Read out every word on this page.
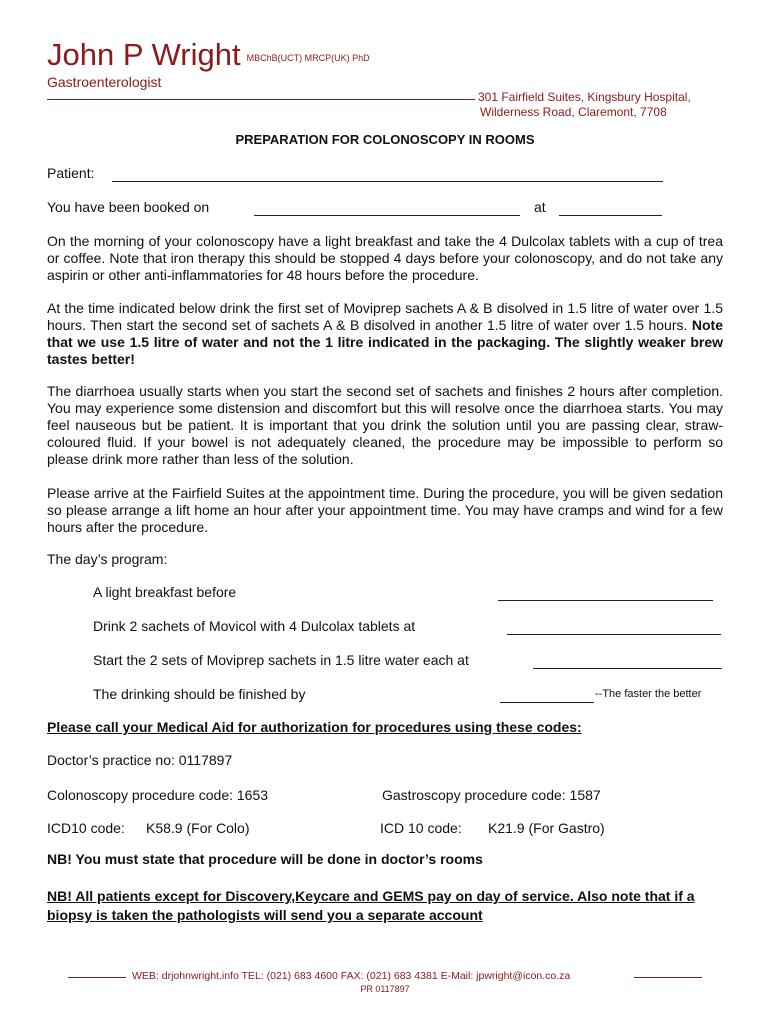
John P Wright MBChB(UCT) MRCP(UK) PhD
Gastroenterologist
301 Fairfield Suites, Kingsbury Hospital,
Wilderness Road, Claremont, 7708
PREPARATION FOR COLONOSCOPY IN ROOMS
Patient:
You have been booked on	at
On the morning of your colonoscopy have a light breakfast and take the 4 Dulcolax tablets with a cup of trea or coffee. Note that iron therapy this should be stopped 4 days before your colonoscopy, and do not take any aspirin or other anti-inflammatories for 48 hours before the procedure.
At the time indicated below drink the first set of Moviprep sachets A & B disolved in 1.5 litre of water over 1.5 hours. Then start the second set of sachets A & B disolved in another 1.5 litre of water over 1.5 hours. Note that we use 1.5 litre of water and not the 1 litre indicated in the packaging. The slightly weaker brew tastes better!
The diarrhoea usually starts when you start the second set of sachets and finishes 2 hours after completion. You may experience some distension and discomfort but this will resolve once the diarrhoea starts. You may feel nauseous but be patient. It is important that you drink the solution until you are passing clear, straw-coloured fluid. If your bowel is not adequately cleaned, the procedure may be impossible to perform so please drink more rather than less of the solution.
Please arrive at the Fairfield Suites at the appointment time. During the procedure, you will be given sedation so please arrange a lift home an hour after your appointment time. You may have cramps and wind for a few hours after the procedure.
The day’s program:
A light breakfast before
Drink 2 sachets of Movicol with 4 Dulcolax tablets at
Start the 2 sets of Moviprep sachets in 1.5 litre water each at
The drinking should be finished by	--The faster the better
Please call your Medical Aid for authorization for procedures using these codes:
Doctor’s practice no: 0117897
Colonoscopy procedure code: 1653	Gastroscopy procedure code: 1587
ICD10 code: K58.9 (For Colo)	ICD 10 code: K21.9 (For Gastro)
NB! You must state that procedure will be done in doctor’s rooms
NB! All patients except for Discovery,Keycare and GEMS pay on day of service. Also note that if a biopsy is taken the pathologists will send you a separate account
WEB: drjohnwright.info TEL: (021) 683 4600 FAX: (021) 683 4381 E-Mail: jpwright@icon.co.za
PR 0117897
